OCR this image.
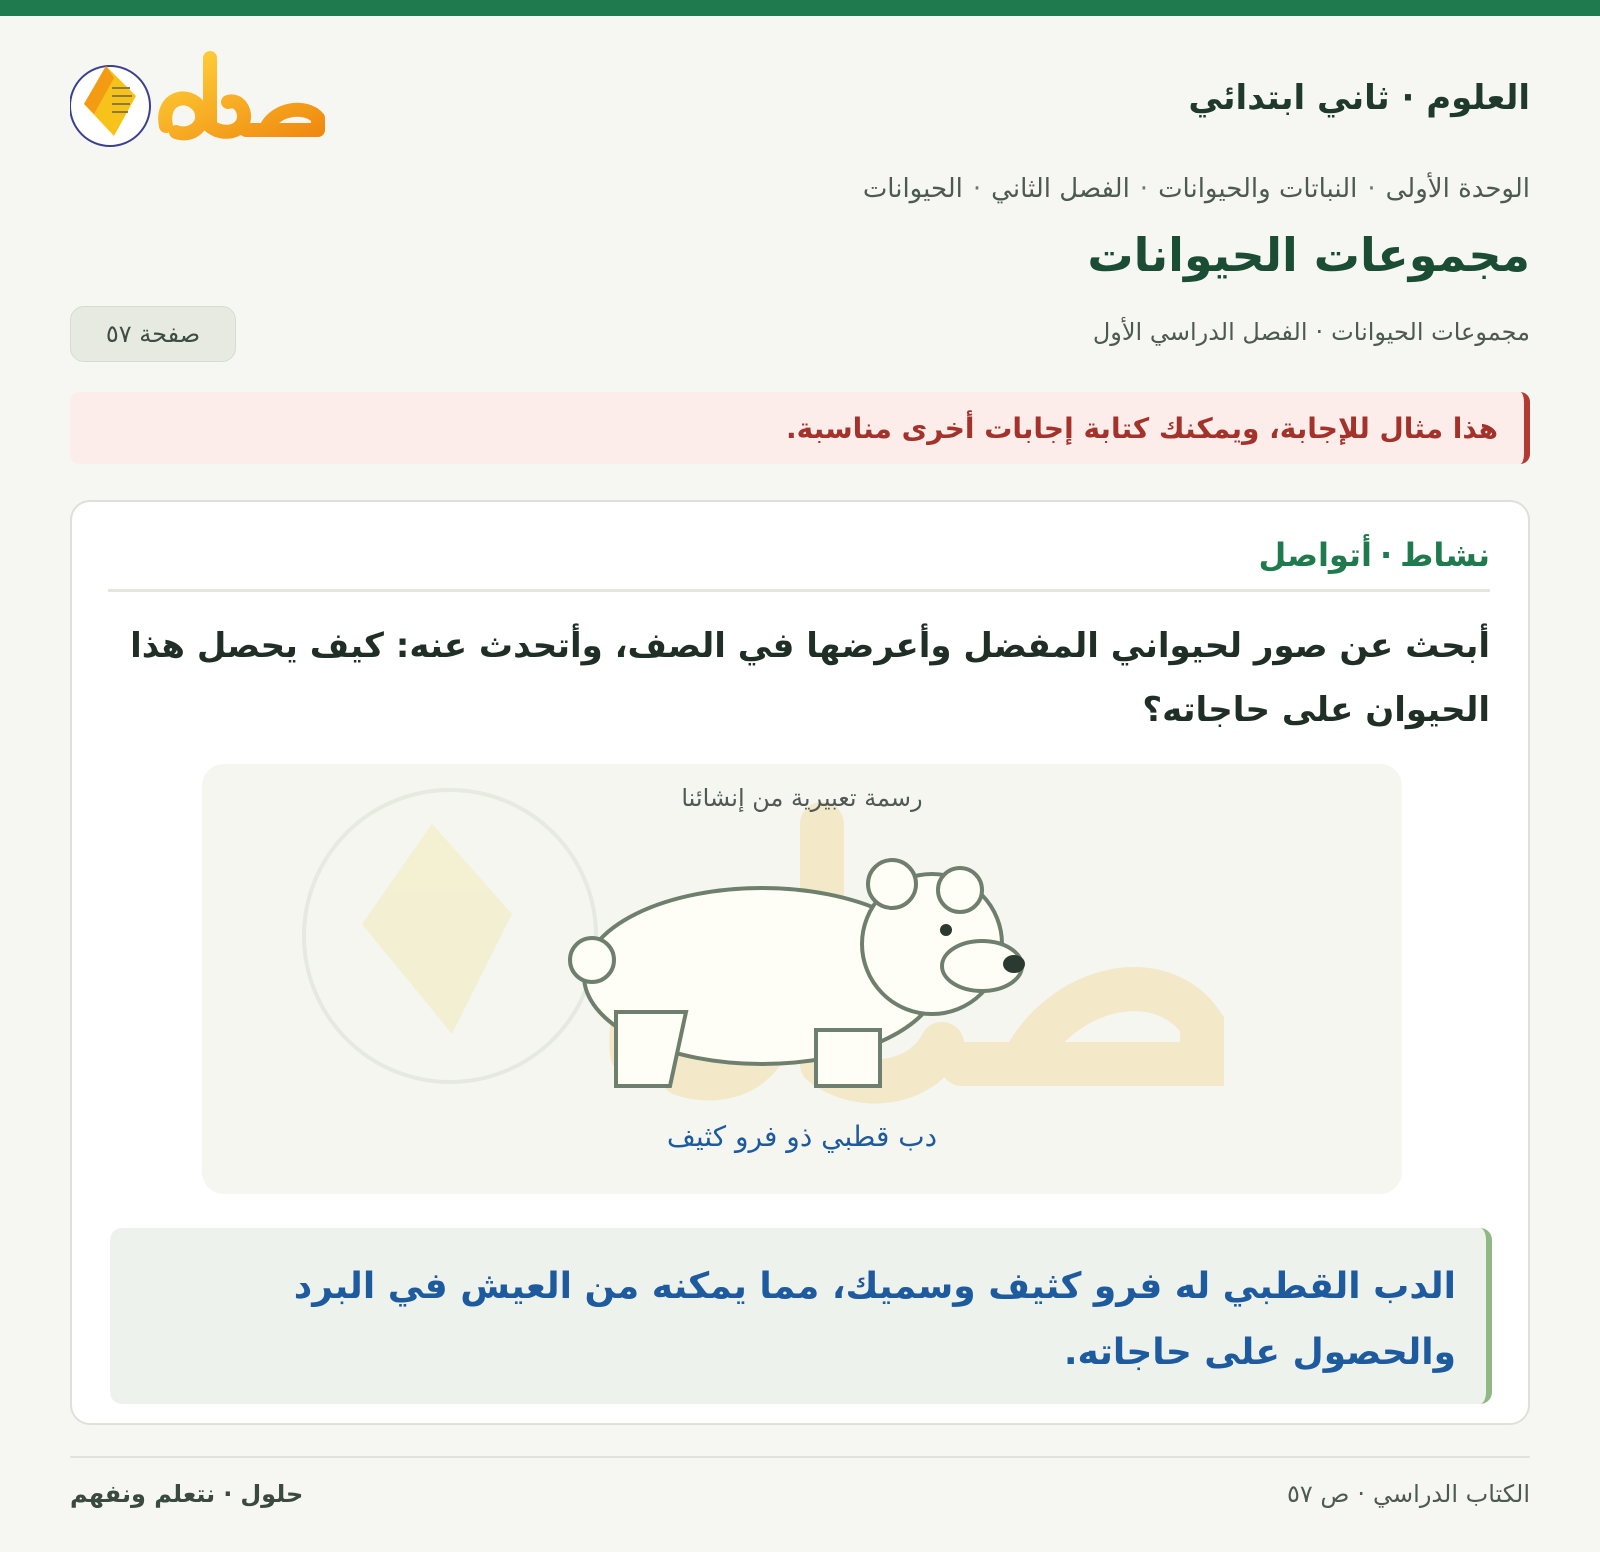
العلوم · ثاني ابتدائي
الوحدة الأولى·النباتات والحيوانات·الفصل الثاني·الحيوانات
مجموعات الحيوانات
مجموعات الحيوانات·الفصل الدراسي الأول
صفحة ٥٧
هذا مثال للإجابة، ويمكنك كتابة إجابات أخرى مناسبة.
نشاط·أتواصل
أبحث عن صور لحيواني المفضل وأعرضها في الصف، وأتحدث عنه: كيف يحصل هذا الحيوان على حاجاته؟
رسمة تعبيرية من إنشائنا
دب قطبي ذو فرو كثيف
الدب القطبي له فرو كثيف وسميك، مما يمكنه من العيش في البرد والحصول على حاجاته.
الكتاب الدراسي·ص ٥٧
حلول·نتعلم ونفهم
